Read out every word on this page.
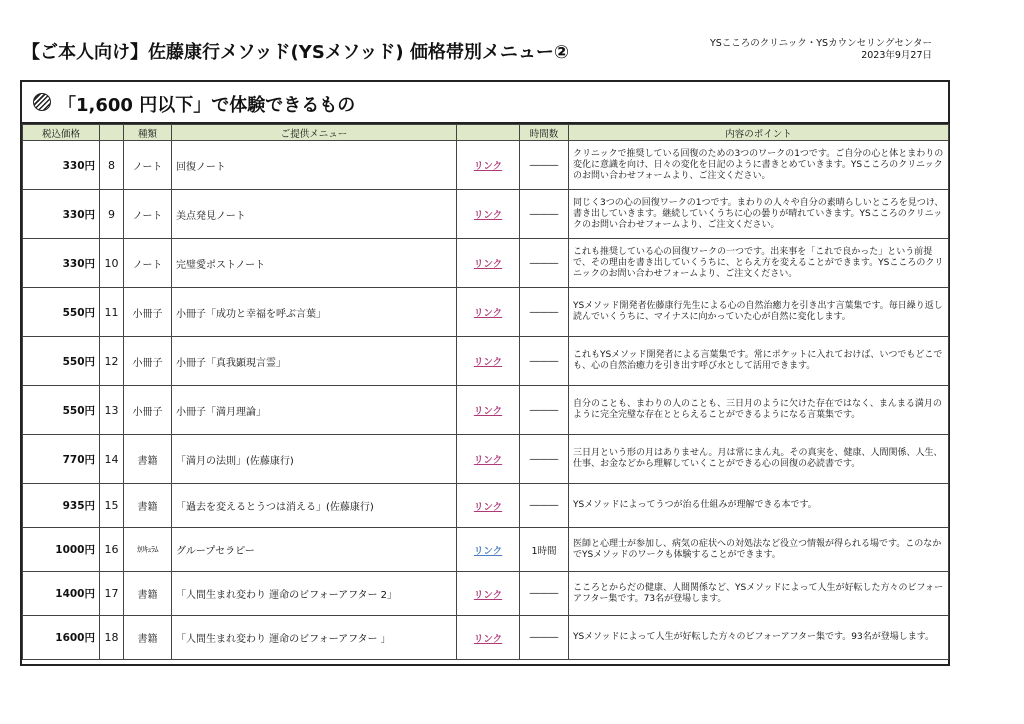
【ご本人向け】佐藤康行メソッド(YSメソッド) 価格帯別メニュー②	YSこころのクリニック・YSカウンセリングセンター
2023年9月27日
「1,600 円以下」で体験できるもの
税込価格		種類	ご提供メニュー		時間数	内容のポイント
330円	8	ノート	回復ノート	リンク	―――	クリニックで推奨している回復のための3つのワークの1つです。ご自分の心と体とまわりの変化に意識を向け、日々の変化を日記のように書きとめていきます。YSこころのクリニックのお問い合わせフォームより、ご注文ください。
330円	9	ノート	美点発見ノート	リンク	―――	同じく3つの心の回復ワークの1つです。まわりの人々や自分の素晴らしいところを見つけ、書き出していきます。継続していくうちに心の曇りが晴れていきます。YSこころのクリニックのお問い合わせフォームより、ご注文ください。
330円	10	ノート	完璧愛ポストノート	リンク	―――	これも推奨している心の回復ワークの一つです。出来事を「これで良かった」という前提で、その理由を書き出していくうちに、とらえ方を変えることができます。YSこころのクリニックのお問い合わせフォームより、ご注文ください。
550円	11	小冊子	小冊子「成功と幸福を呼ぶ言葉」	リンク	―――	YSメソッド開発者佐藤康行先生による心の自然治癒力を引き出す言葉集です。毎日繰り返し読んでいくうちに、マイナスに向かっていた心が自然に変化します。
550円	12	小冊子	小冊子「真我顕現言霊」	リンク	―――	これもYSメソッド開発者による言葉集です。常にポケットに入れておけば、いつでもどこでも、心の自然治癒力を引き出す呼び水として活用できます。
550円	13	小冊子	小冊子「満月理論」	リンク	―――	自分のことも、まわりの人のことも、三日月のように欠けた存在ではなく、まんまる満月のように完全完璧な存在ととらえることができるようになる言葉集です。
770円	14	書籍	「満月の法則」(佐藤康行)	リンク	―――	三日月という形の月はありません。月は常にまん丸。その真実を、健康、人間関係、人生、仕事、お金などから理解していくことができる心の回復の必読書です。
935円	15	書籍	「過去を変えるとうつは消える」(佐藤康行)	リンク	―――	YSメソッドによってうつが治る仕組みが理解できる本です。
1000円	16	ｶﾘｷｭﾗﾑ	グループセラピー	リンク	1時間	医師と心理士が参加し、病気の症状への対処法など役立つ情報が得られる場です。このなかでYSメソッドのワークも体験することができます。
1400円	17	書籍	「人間生まれ変わり 運命のビフォーアフター 2」	リンク	―――	こころとからだの健康、人間関係など、YSメソッドによって人生が好転した方々のビフォーアフター集です。73名が登場します。
1600円	18	書籍	「人間生まれ変わり 運命のビフォーアフター 」	リンク	―――	YSメソッドによって人生が好転した方々のビフォーアフター集です。93名が登場します。
